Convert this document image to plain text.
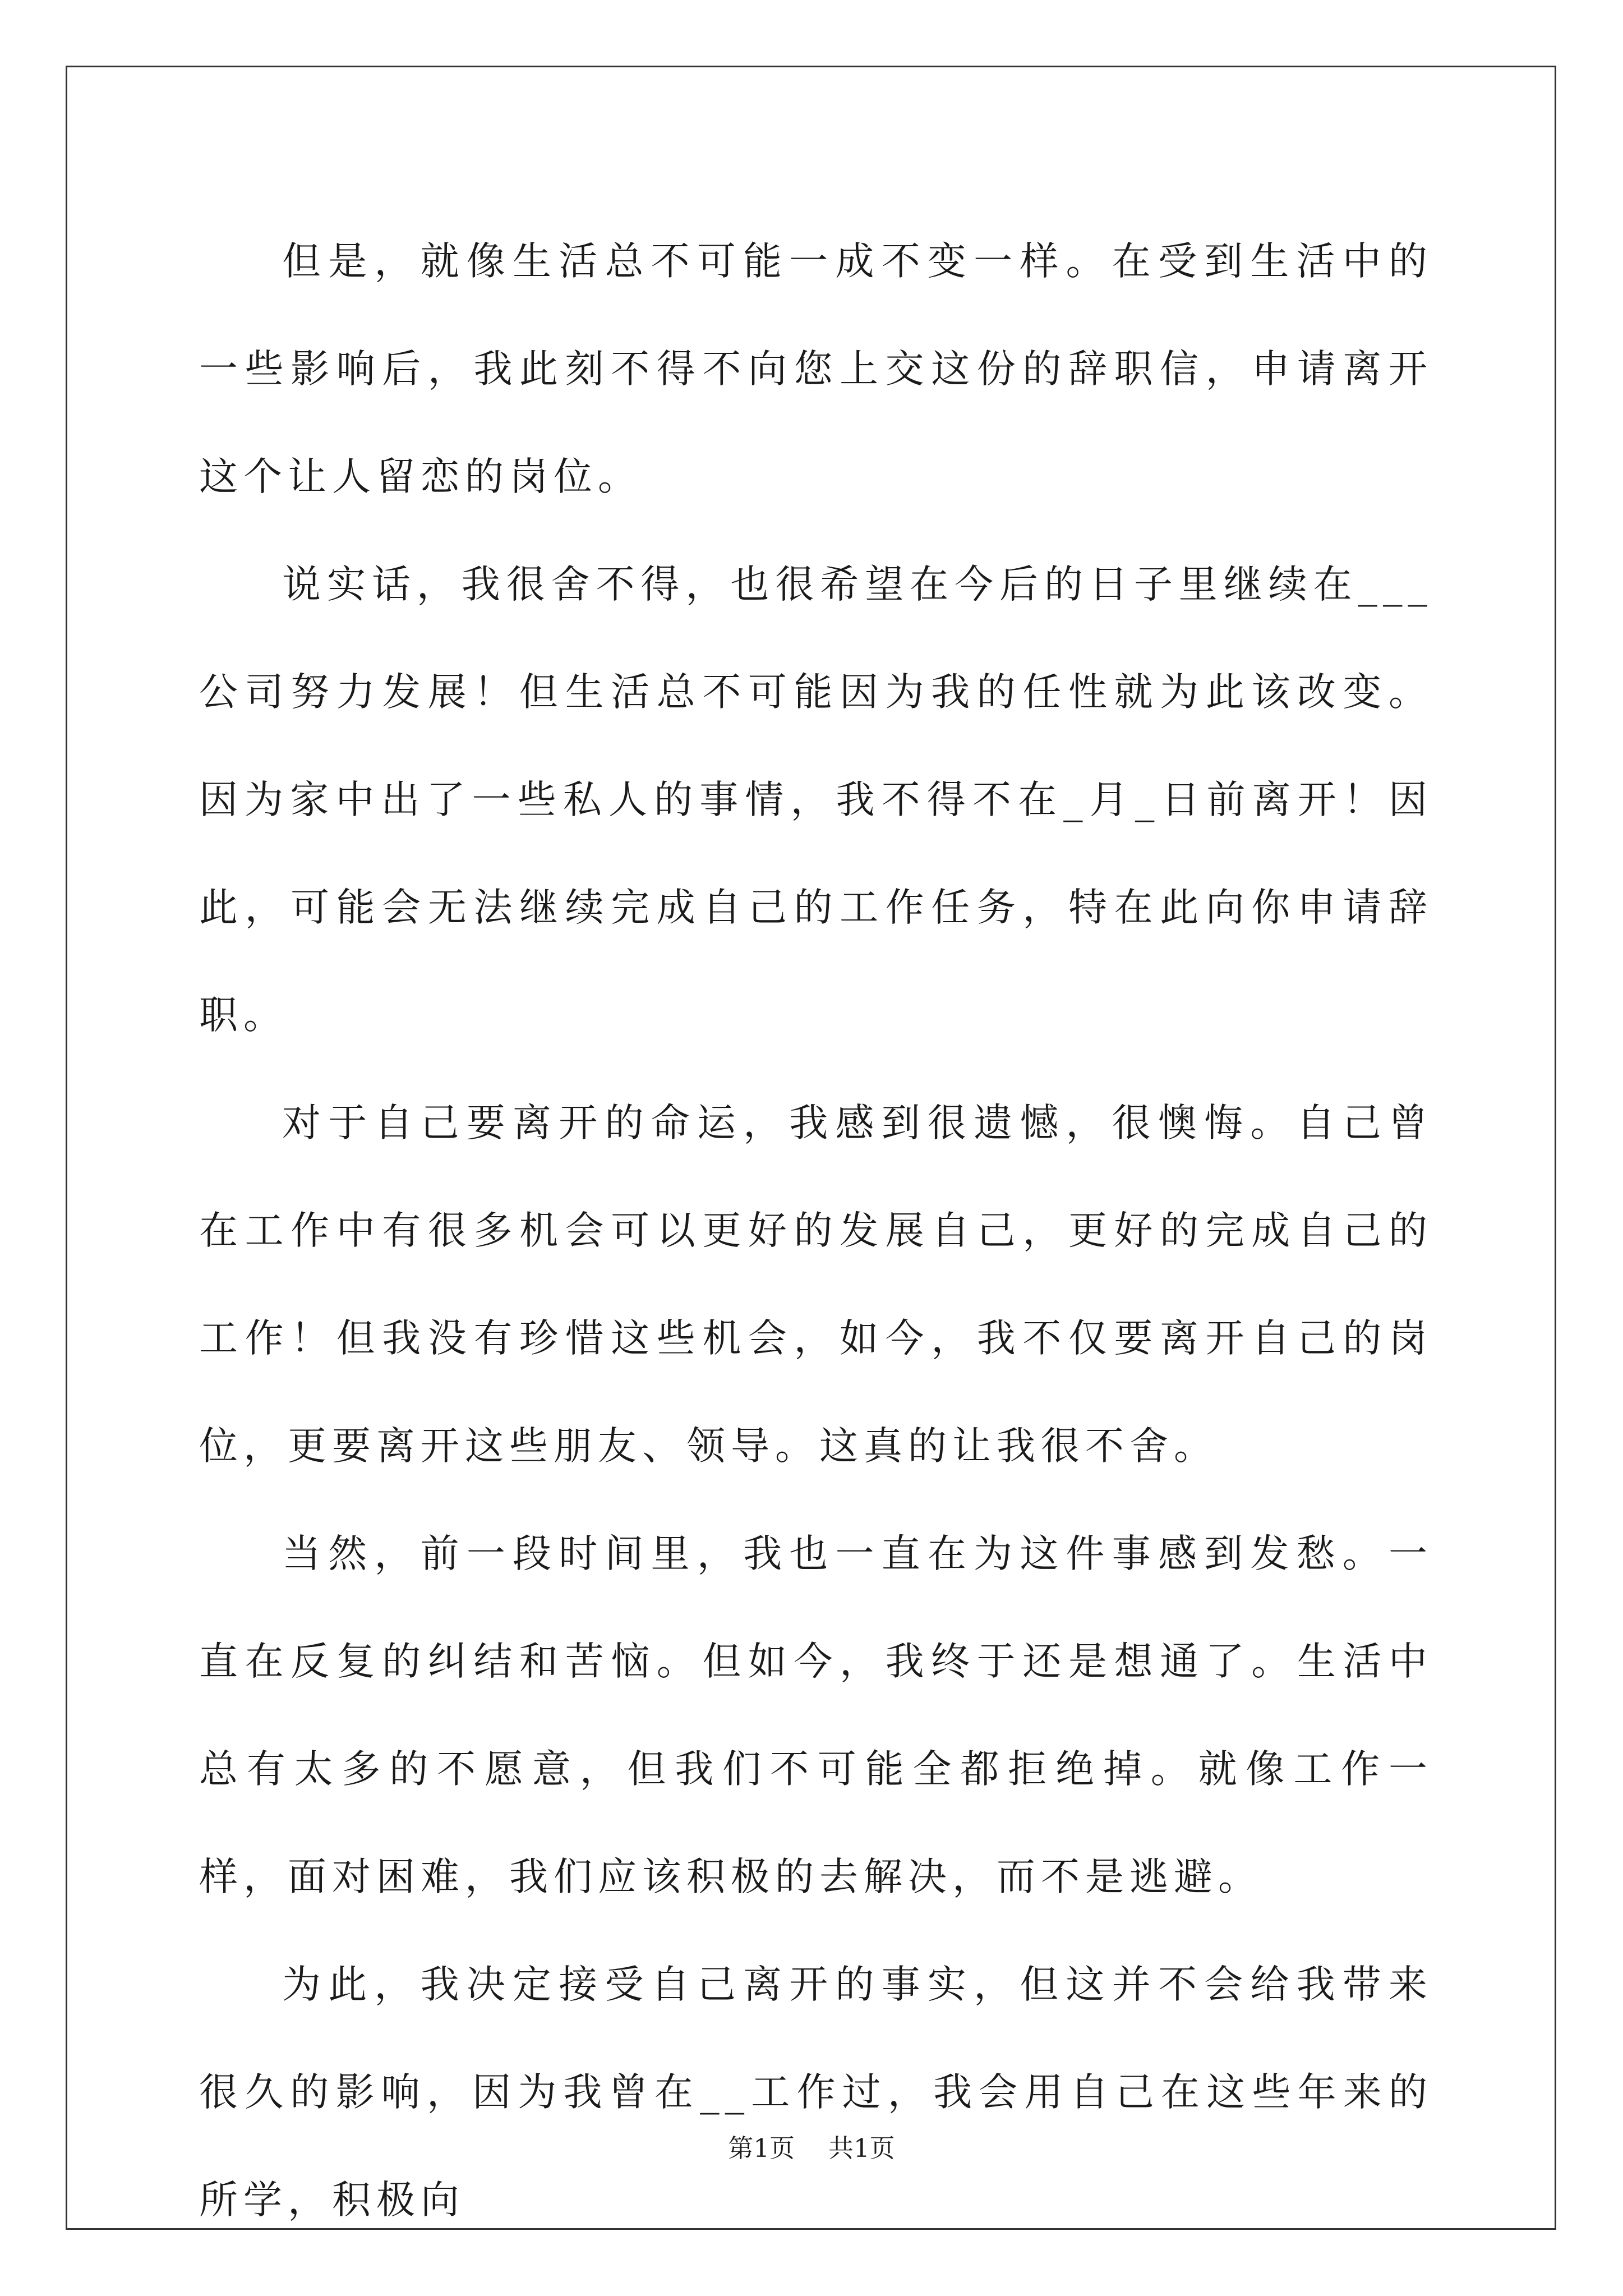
但是，就像生活总不可能一成不变一样。在受到生活中的一些影响后，我此刻不得不向您上交这份的辞职信，申请离开这个让人留恋的岗位。

说实话，我很舍不得，也很希望在今后的日子里继续在___公司努力发展！但生活总不可能因为我的任性就为此该改变。因为家中出了一些私人的事情，我不得不在_月_日前离开！因此，可能会无法继续完成自己的工作任务，特在此向你申请辞职。

对于自己要离开的命运，我感到很遗憾，很懊悔。自己曾在工作中有很多机会可以更好的发展自己，更好的完成自己的工作！但我没有珍惜这些机会，如今，我不仅要离开自己的岗位，更要离开这些朋友、领导。这真的让我很不舍。

当然，前一段时间里，我也一直在为这件事感到发愁。一直在反复的纠结和苦恼。但如今，我终于还是想通了。生活中总有太多的不愿意，但我们不可能全都拒绝掉。就像工作一样，面对困难，我们应该积极的去解决，而不是逃避。

为此，我决定接受自己离开的事实，但这并不会给我带来很久的影响，因为我曾在__工作过，我会用自己在这些年来的所学，积极向

第1页 共1页
